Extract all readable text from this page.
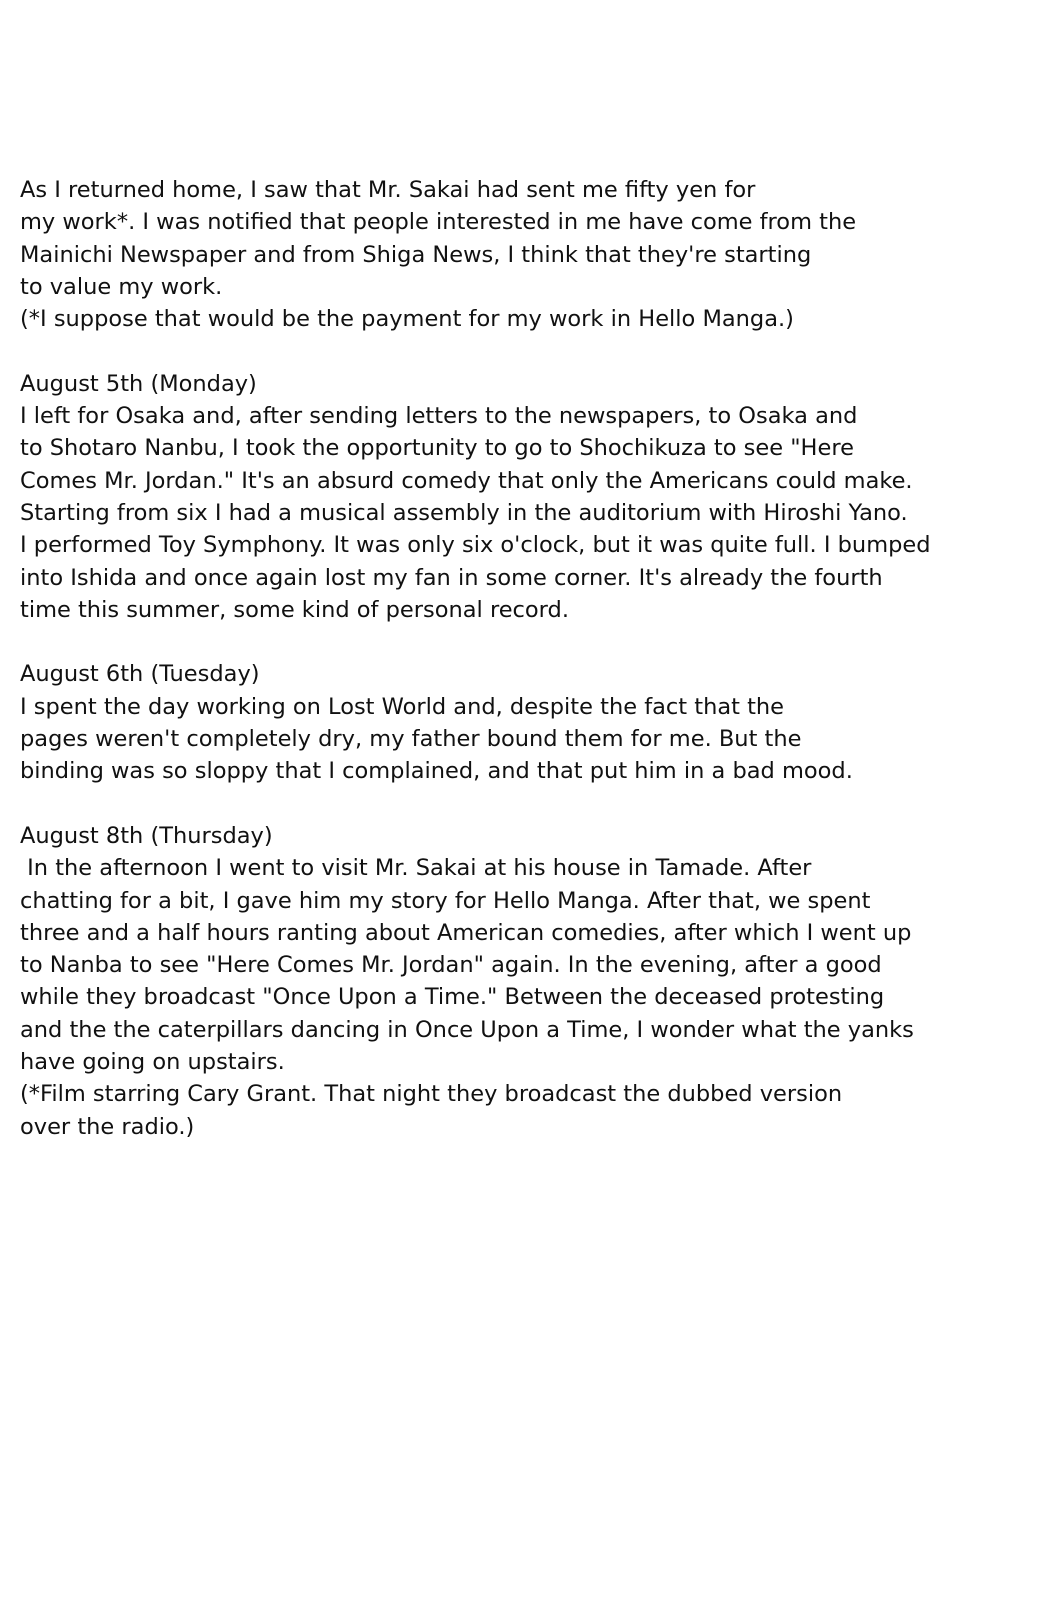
As I returned home, I saw that Mr. Sakai had sent me fifty yen for
my work*. I was notified that people interested in me have come from the
Mainichi Newspaper and from Shiga News, I think that they're starting
to value my work.
(*I suppose that would be the payment for my work in Hello Manga.)
August 5th (Monday)
I left for Osaka and, after sending letters to the newspapers, to Osaka and
to Shotaro Nanbu, I took the opportunity to go to Shochikuza to see "Here
Comes Mr. Jordan." It's an absurd comedy that only the Americans could make.
Starting from six I had a musical assembly in the auditorium with Hiroshi Yano.
I performed Toy Symphony. It was only six o'clock, but it was quite full. I bumped
into Ishida and once again lost my fan in some corner. It's already the fourth
time this summer, some kind of personal record.
August 6th (Tuesday)
I spent the day working on Lost World and, despite the fact that the
pages weren't completely dry, my father bound them for me. But the
binding was so sloppy that I complained, and that put him in a bad mood.
August 8th (Thursday)
In the afternoon I went to visit Mr. Sakai at his house in Tamade. After
chatting for a bit, I gave him my story for Hello Manga. After that, we spent
three and a half hours ranting about American comedies, after which I went up
to Nanba to see "Here Comes Mr. Jordan" again. In the evening, after a good
while they broadcast "Once Upon a Time." Between the deceased protesting
and the the caterpillars dancing in Once Upon a Time, I wonder what the yanks
have going on upstairs.
(*Film starring Cary Grant. That night they broadcast the dubbed version
over the radio.)
